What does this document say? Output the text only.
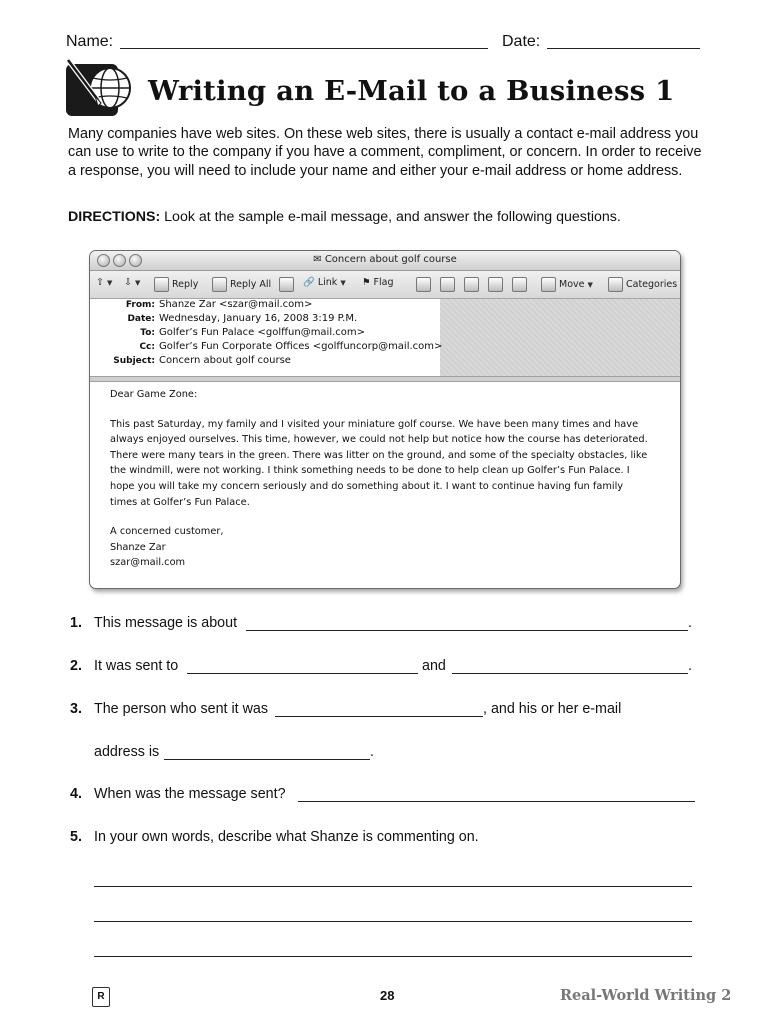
Name:	Date:
Writing an E-Mail to a Business 1
Many companies have web sites. On these web sites, there is usually a contact e-mail address you can use to write to the company if you have a comment, compliment, or concern. In order to receive a response, you will need to include your name and either your e-mail address or home address.
DIRECTIONS: Look at the sample e-mail message, and answer the following questions.
✉ Concern about golf course
⇧ ▼ ⇩ ▼	Reply	Reply All	🔗 Link ▼ ⚑ Flag	Move ▼	Categories
From: Shanze Zar <szar@mail.com>
Date: Wednesday, January 16, 2008 3:19 P.M.
To: Golfer’s Fun Palace <golffun@mail.com>
Cc: Golfer’s Fun Corporate Offices <golffuncorp@mail.com>
Subject: Concern about golf course

Dear Game Zone:

This past Saturday, my family and I visited your miniature golf course. We have been many times and have always enjoyed ourselves. This time, however, we could not help but notice how the course has deteriorated. There were many tears in the green. There was litter on the ground, and some of the specialty obstacles, like the windmill, were not working. I think something needs to be done to help clean up Golfer’s Fun Palace. I hope you will take my concern seriously and do something about it. I want to continue having fun family times at Golfer’s Fun Palace.

A concerned customer,

Shanze Zar

szar@mail.com

1. This message is about	.
2. It was sent to	and	.
3. The person who sent it was	, and his or her e-mail
address is	.
4. When was the message sent?
5. In your own words, describe what Shanze is commenting on.
R	28	Real-World Writing 2
